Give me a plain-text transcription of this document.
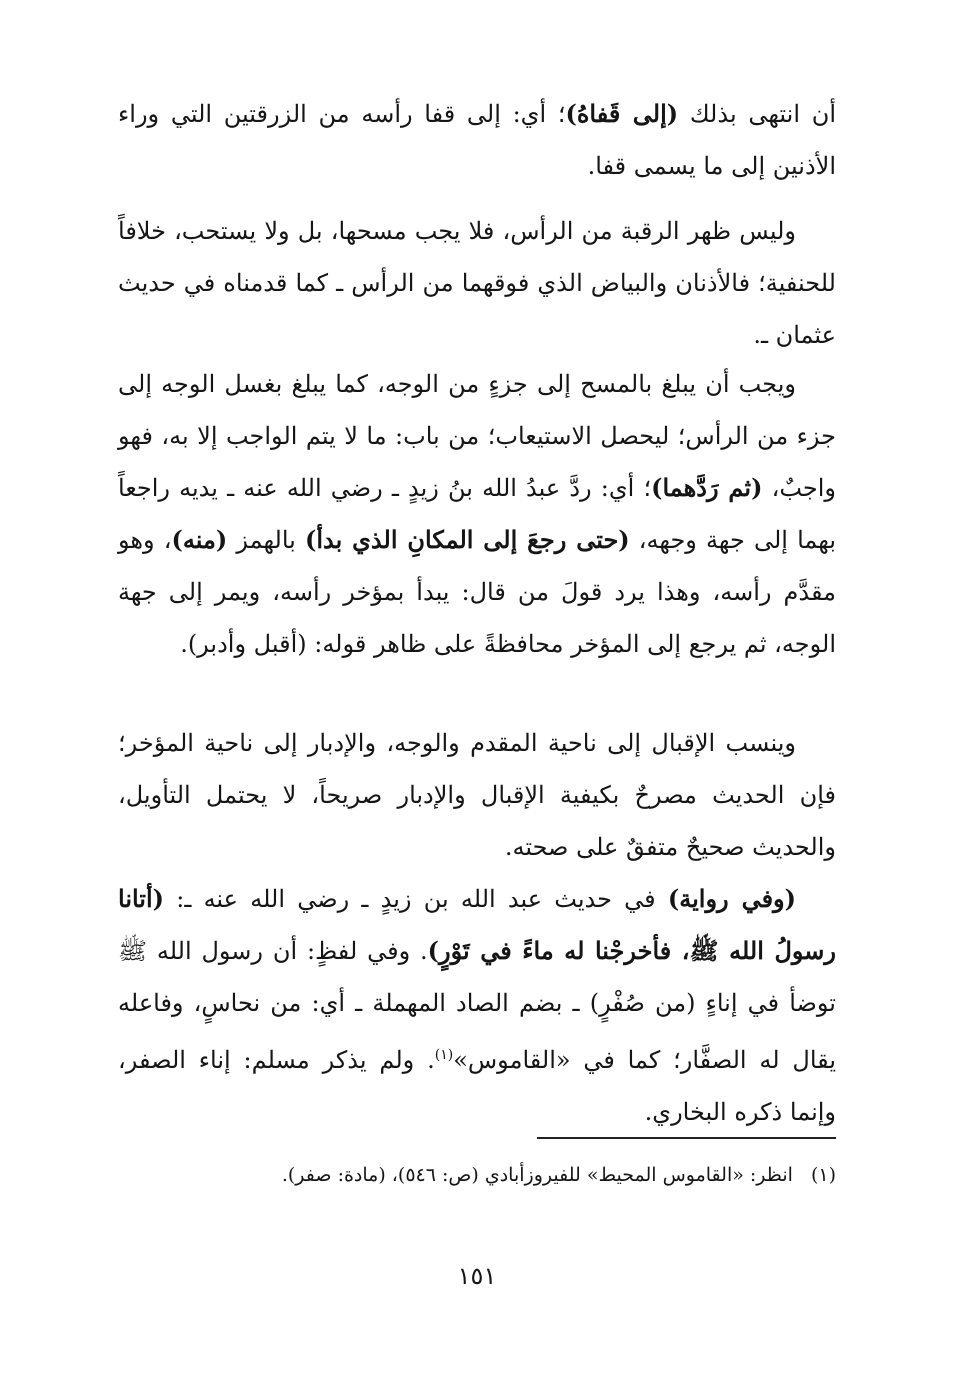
أن انتهى بذلك (إلى قَفاهُ)؛ أي: إلى قفا رأسه من الزرقتين التي وراء الأذنين إلى ما يسمى قفا.

وليس ظهر الرقبة من الرأس، فلا يجب مسحها، بل ولا يستحب، خلافاً للحنفية؛ فالأذنان والبياض الذي فوقهما من الرأس ـ كما قدمناه في حديث عثمان ـ.

ويجب أن يبلغ بالمسح إلى جزءٍ من الوجه، كما يبلغ بغسل الوجه إلى جزء من الرأس؛ ليحصل الاستيعاب؛ من باب: ما لا يتم الواجب إلا به، فهو واجبٌ، (ثم رَدَّهما)؛ أي: ردَّ عبدُ الله بنُ زيدٍ ـ رضي الله عنه ـ يديه راجعاً بهما إلى جهة وجهه، (حتى رجعَ إلى المكانِ الذي بدأ) بالهمز (منه)، وهو مقدَّم رأسه، وهذا يرد قولَ من قال: يبدأ بمؤخر رأسه، ويمر إلى جهة الوجه، ثم يرجع إلى المؤخر محافظةً على ظاهر قوله: (أقبل وأدبر).

وينسب الإقبال إلى ناحية المقدم والوجه، والإدبار إلى ناحية المؤخر؛ فإن الحديث مصرحٌ بكيفية الإقبال والإدبار صريحاً، لا يحتمل التأويل، والحديث صحيحٌ متفقٌ على صحته.

(وفي رواية) في حديث عبد الله بن زيدٍ ـ رضي الله عنه ـ: (أتانا رسولُ الله ﷺ، فأخرجْنا له ماءً في تَوْرٍ). وفي لفظٍ: أن رسول الله ﷺ توضأ في إناءٍ (من صُفْرٍ) ـ بضم الصاد المهملة ـ أي: من نحاسٍ، وفاعله يقال له الصفَّار؛ كما في «القاموس»$^{(١)}$. ولم يذكر مسلم: إناء الصفر، وإنما ذكره البخاري.

(١)انظر: «القاموس المحيط» للفيروزأبادي (ص: ٥٤٦)، (مادة: صفر).
١٥١
